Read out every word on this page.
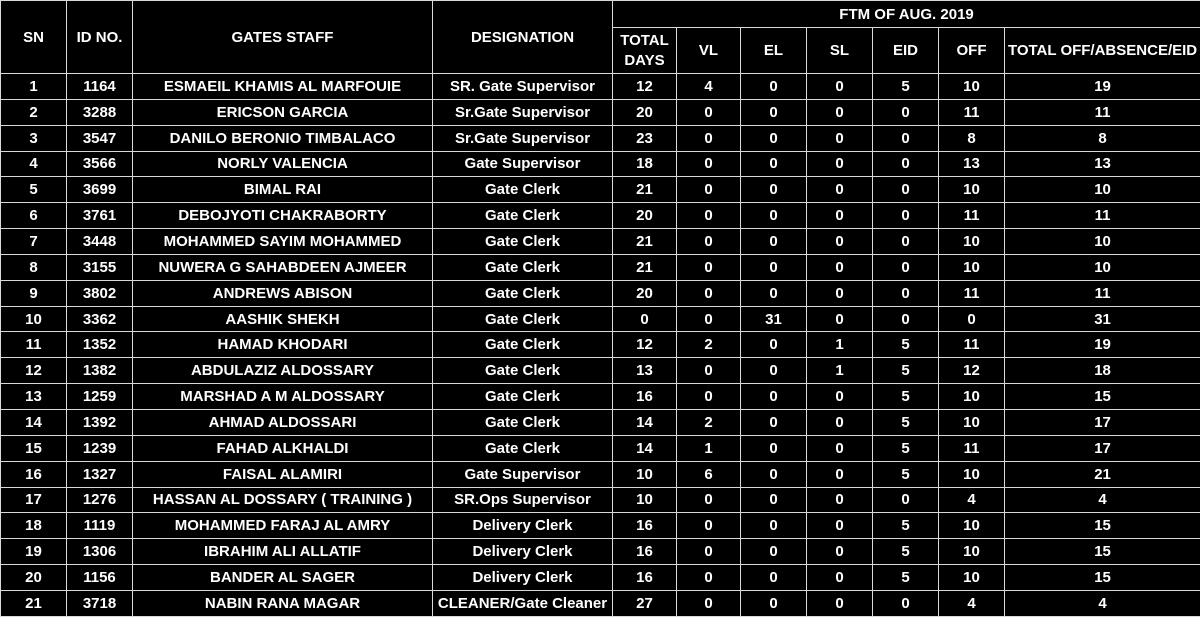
SN	ID NO.	GATES STAFF	DESIGNATION	FTM OF AUG. 2019						
				TOTAL DAYS	VL	EL	SL	EID	OFF	TOTAL OFF/ABSENCE/EID
1	1164	ESMAEIL KHAMIS AL MARFOUIE	SR. Gate Supervisor	12	4	0	0	5	10	19
2	3288	ERICSON GARCIA	Sr.Gate Supervisor	20	0	0	0	0	11	11
3	3547	DANILO BERONIO TIMBALACO	Sr.Gate Supervisor	23	0	0	0	0	8	8
4	3566	NORLY VALENCIA	Gate Supervisor	18	0	0	0	0	13	13
5	3699	BIMAL RAI	Gate Clerk	21	0	0	0	0	10	10
6	3761	DEBOJYOTI CHAKRABORTY	Gate Clerk	20	0	0	0	0	11	11
7	3448	MOHAMMED SAYIM MOHAMMED	Gate Clerk	21	0	0	0	0	10	10
8	3155	NUWERA G SAHABDEEN AJMEER	Gate Clerk	21	0	0	0	0	10	10
9	3802	ANDREWS ABISON	Gate Clerk	20	0	0	0	0	11	11
10	3362	AASHIK SHEKH	Gate Clerk	0	0	31	0	0	0	31
11	1352	HAMAD KHODARI	Gate Clerk	12	2	0	1	5	11	19
12	1382	ABDULAZIZ ALDOSSARY	Gate Clerk	13	0	0	1	5	12	18
13	1259	MARSHAD A M ALDOSSARY	Gate Clerk	16	0	0	0	5	10	15
14	1392	AHMAD ALDOSSARI	Gate Clerk	14	2	0	0	5	10	17
15	1239	FAHAD ALKHALDI	Gate Clerk	14	1	0	0	5	11	17
16	1327	FAISAL ALAMIRI	Gate Supervisor	10	6	0	0	5	10	21
17	1276	HASSAN AL DOSSARY ( TRAINING )	SR.Ops Supervisor	10	0	0	0	0	4	4
18	1119	MOHAMMED FARAJ AL AMRY	Delivery Clerk	16	0	0	0	5	10	15
19	1306	IBRAHIM ALI ALLATIF	Delivery Clerk	16	0	0	0	5	10	15
20	1156	BANDER AL SAGER	Delivery Clerk	16	0	0	0	5	10	15
21	3718	NABIN RANA MAGAR	CLEANER/Gate Cleaner	27	0	0	0	0	4	4
